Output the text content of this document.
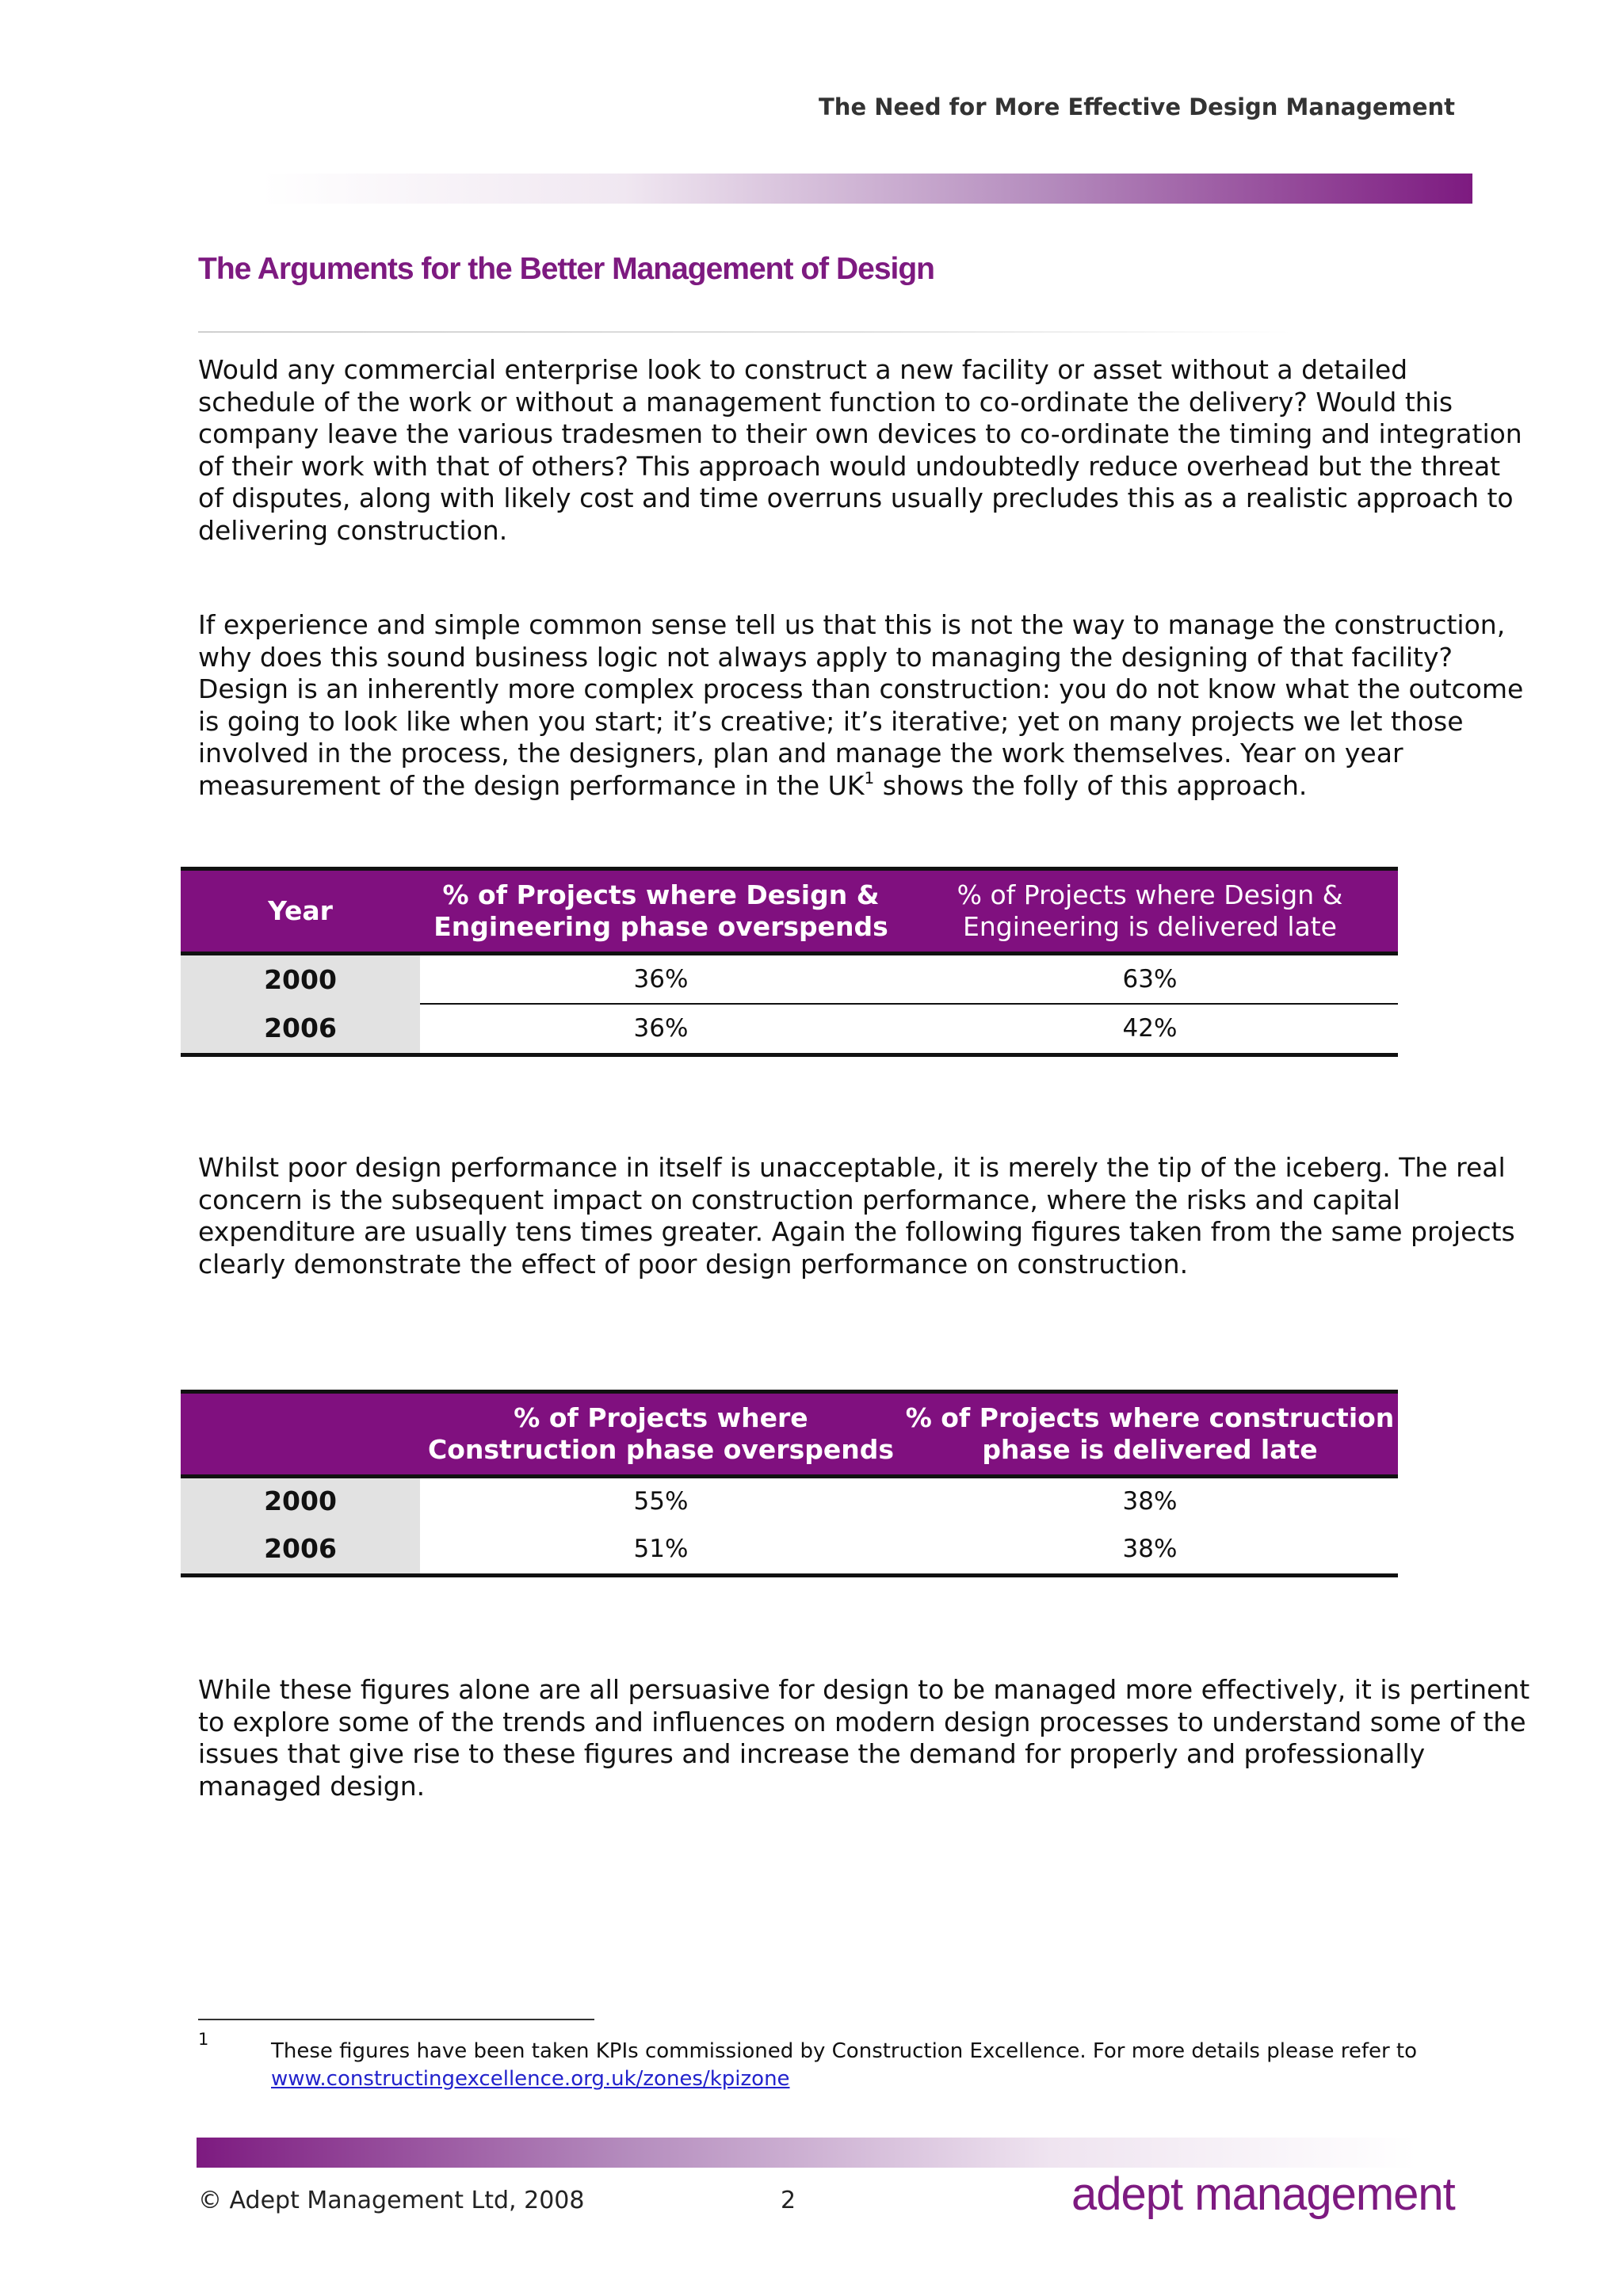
The Need for More Effective Design Management
The Arguments for the Better Management of Design

Would any commercial enterprise look to construct a new facility or asset without a detailed

schedule of the work or without a management function to co-ordinate the delivery? Would this

company leave the various tradesmen to their own devices to co-ordinate the timing and integration

of their work with that of others? This approach would undoubtedly reduce overhead but the threat

of disputes, along with likely cost and time overruns usually precludes this as a realistic approach to

delivering construction.

If experience and simple common sense tell us that this is not the way to manage the construction,

why does this sound business logic not always apply to managing the designing of that facility?

Design is an inherently more complex process than construction: you do not know what the outcome

is going to look like when you start; it’s creative; it’s iterative; yet on many projects we let those

involved in the process, the designers, plan and manage the work themselves. Year on year

measurement of the design performance in the $UK^1$ shows the folly of this approach.

Year	% of Projects where Design & Engineering phase overspends	% of Projects where Design & Engineering is delivered late
2000	36%	63%
2006	36%	42%

Whilst poor design performance in itself is unacceptable, it is merely the tip of the iceberg. The real

concern is the subsequent impact on construction performance, where the risks and capital

expenditure are usually tens times greater. Again the following figures taken from the same projects

clearly demonstrate the effect of poor design performance on construction.

	% of Projects where Construction phase overspends	% of Projects where construction phase is delivered late
2000	55%	38%
2006	51%	38%

While these figures alone are all persuasive for design to be managed more effectively, it is pertinent

to explore some of the trends and influences on modern design processes to understand some of the

issues that give rise to these figures and increase the demand for properly and professionally

managed design.

1	These figures have been taken KPIs commissioned by Construction Excellence. For more details please refer to
www.constructingexcellence.org.uk/zones/kpizone
© Adept Management Ltd, 2008	2	adept management
